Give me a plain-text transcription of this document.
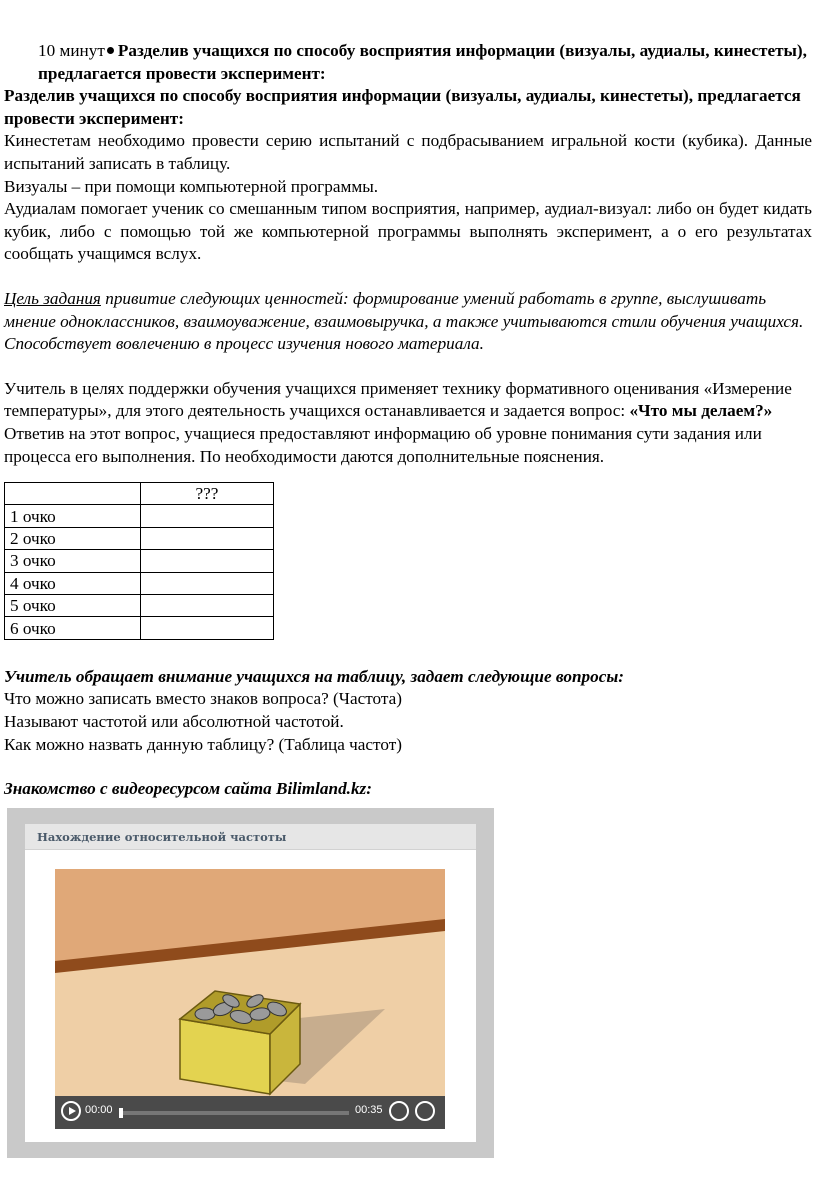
10 минут Разделив учащихся по способу восприятия информации (визуалы, аудиалы, кинестеты), предлагается провести эксперимент:

Разделив учащихся по способу восприятия информации (визуалы, аудиалы, кинестеты), предлагается провести эксперимент:

Кинестетам необходимо провести серию испытаний с подбрасыванием игральной кости (кубика). Данные испытаний записать в таблицу.

Визуалы – при помощи компьютерной программы.

Аудиалам помогает ученик со смешанным типом восприятия, например, аудиал-визуал: либо он будет кидать кубик, либо с помощью той же компьютерной программы выполнять эксперимент, а о его результатах сообщать учащимся вслух.

Цель задания привитие следующих ценностей: формирование умений работать в группе, выслушивать мнение одноклассников, взаимоуважение, взаимовыручка, а также учитываются стили обучения учащихся. Способствует вовлечению в процесс изучения нового материала.

Учитель в целях поддержки обучения учащихся применяет технику формативного оценивания «Измерение температуры», для этого деятельность учащихся останавливается и задается вопрос: «Что мы делаем?» Ответив на этот вопрос, учащиеся предоставляют информацию об уровне понимания сути задания или процесса его выполнения. По необходимости даются дополнительные пояснения.

	???
1 очко	
2 очко	
3 очко	
4 очко	
5 очко	
6 очко	

Учитель обращает внимание учащихся на таблицу, задает следующие вопросы:

Что можно записать вместо знаков вопроса? (Частота)

Называют частотой или абсолютной частотой.

Как можно назвать данную таблицу? (Таблица частот)

Знакомство с видеоресурсом сайта Bilimland.kz:

Нахождение относительной частоты
00:00	00:35
